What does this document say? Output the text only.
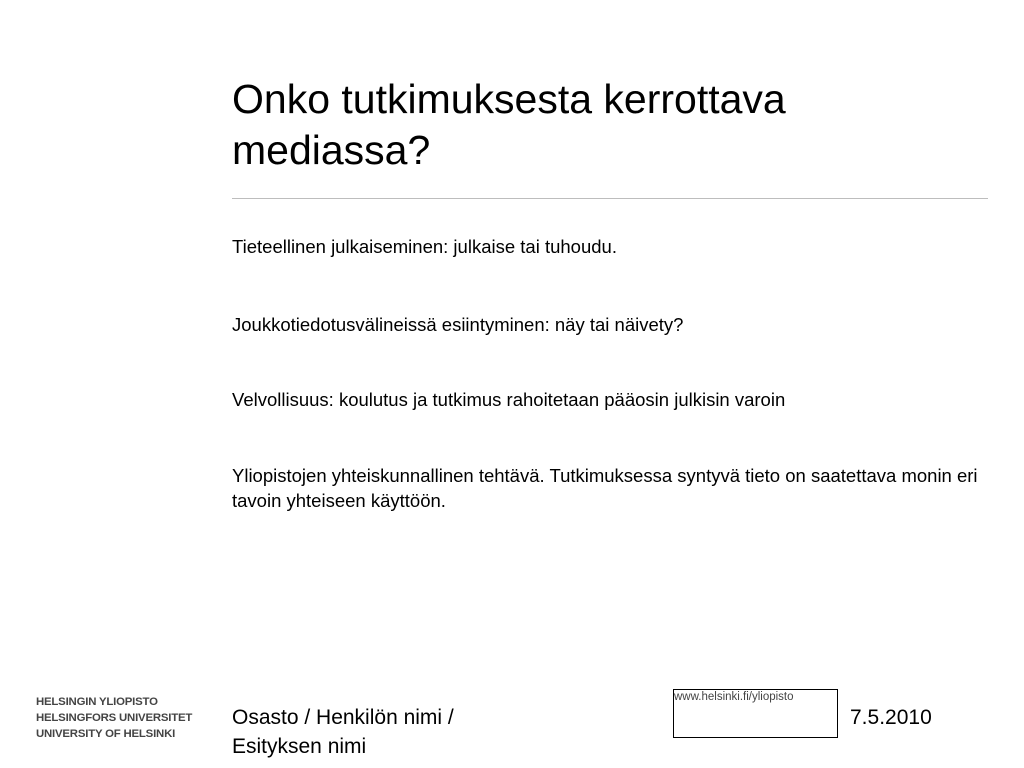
Onko tutkimuksesta kerrottava mediassa?
Tieteellinen julkaiseminen: julkaise tai tuhoudu.
Joukkotiedotusvälineissä esiintyminen: näy tai näivety?
Velvollisuus: koulutus ja tutkimus rahoitetaan pääosin julkisin varoin
Yliopistojen yhteiskunnallinen tehtävä. Tutkimuksessa syntyvä tieto on saatettava monin eri tavoin yhteiseen käyttöön.
HELSINGIN YLIOPISTO
HELSINGFORS UNIVERSITET
UNIVERSITY OF HELSINKI
Osasto / Henkilön nimi / Esityksen nimi
www.helsinki.fi/yliopisto
7.5.2010
